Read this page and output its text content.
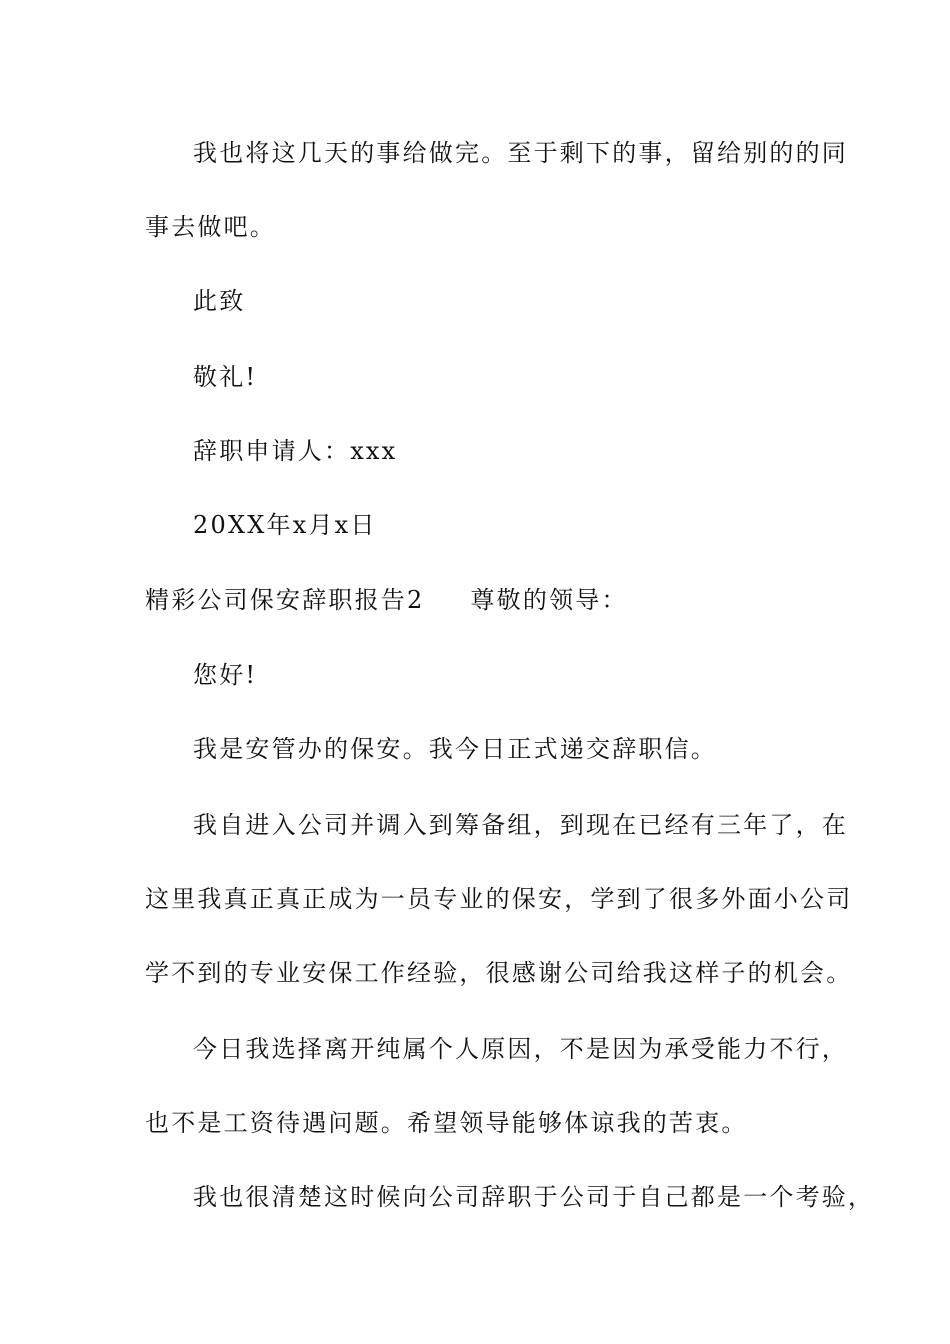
我也将这几天的事给做完。至于剩下的事，留给别的的同
事去做吧。
此致
敬礼!
辞职申请人：xxx
20XX年x月x日
精彩公司保安辞职报告2 尊敬的领导：
您好!
我是安管办的保安。我今日正式递交辞职信。
我自进入公司并调入到筹备组，到现在已经有三年了，在
这里我真正真正成为一员专业的保安，学到了很多外面小公司
学不到的专业安保工作经验，很感谢公司给我这样子的机会。
今日我选择离开纯属个人原因，不是因为承受能力不行，
也不是工资待遇问题。希望领导能够体谅我的苦衷。
我也很清楚这时候向公司辞职于公司于自己都是一个考验，
